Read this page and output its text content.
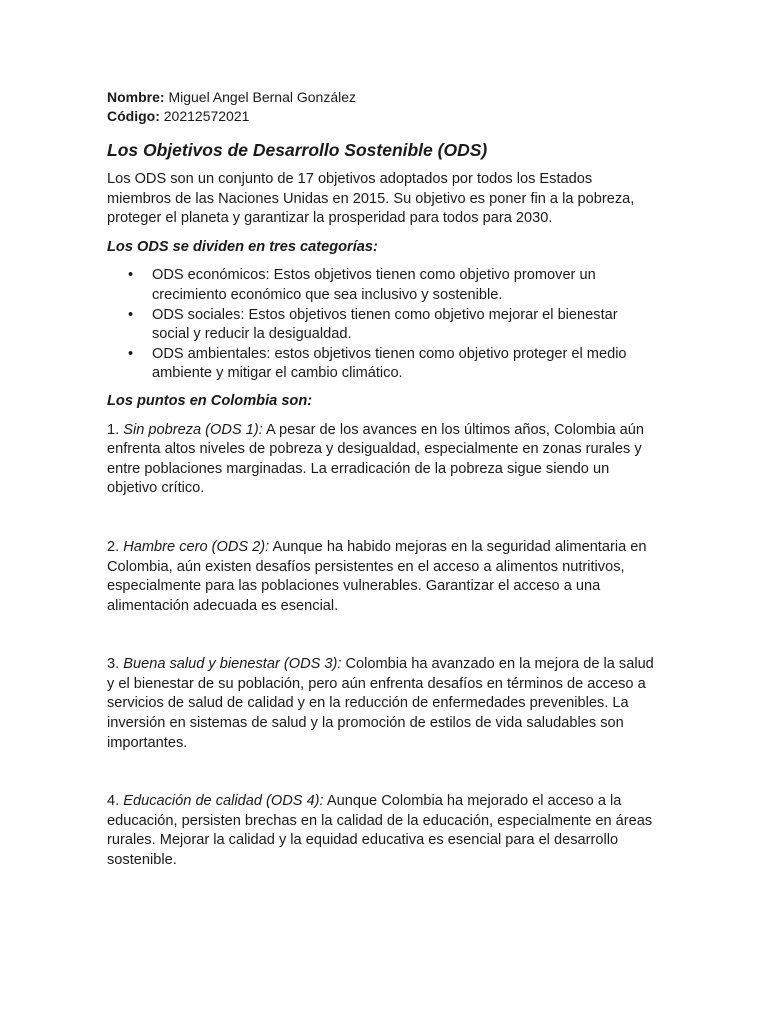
Nombre: Miguel Angel Bernal González
Código: 20212572021
Los Objetivos de Desarrollo Sostenible (ODS)

Los ODS son un conjunto de 17 objetivos adoptados por todos los Estados miembros de las Naciones Unidas en 2015. Su objetivo es poner fin a la pobreza, proteger el planeta y garantizar la prosperidad para todos para 2030.

Los ODS se dividen en tres categorías:
• ODS económicos: Estos objetivos tienen como objetivo promover un crecimiento económico que sea inclusivo y sostenible.
• ODS sociales: Estos objetivos tienen como objetivo mejorar el bienestar social y reducir la desigualdad.
• ODS ambientales: estos objetivos tienen como objetivo proteger el medio ambiente y mitigar el cambio climático.
Los puntos en Colombia son:

1. Sin pobreza (ODS 1): A pesar de los avances en los últimos años, Colombia aún enfrenta altos niveles de pobreza y desigualdad, especialmente en zonas rurales y entre poblaciones marginadas. La erradicación de la pobreza sigue siendo un objetivo crítico.

2. Hambre cero (ODS 2): Aunque ha habido mejoras en la seguridad alimentaria en Colombia, aún existen desafíos persistentes en el acceso a alimentos nutritivos, especialmente para las poblaciones vulnerables. Garantizar el acceso a una alimentación adecuada es esencial.

3. Buena salud y bienestar (ODS 3): Colombia ha avanzado en la mejora de la salud y el bienestar de su población, pero aún enfrenta desafíos en términos de acceso a servicios de salud de calidad y en la reducción de enfermedades prevenibles. La inversión en sistemas de salud y la promoción de estilos de vida saludables son importantes.

4. Educación de calidad (ODS 4): Aunque Colombia ha mejorado el acceso a la educación, persisten brechas en la calidad de la educación, especialmente en áreas rurales. Mejorar la calidad y la equidad educativa es esencial para el desarrollo sostenible.
